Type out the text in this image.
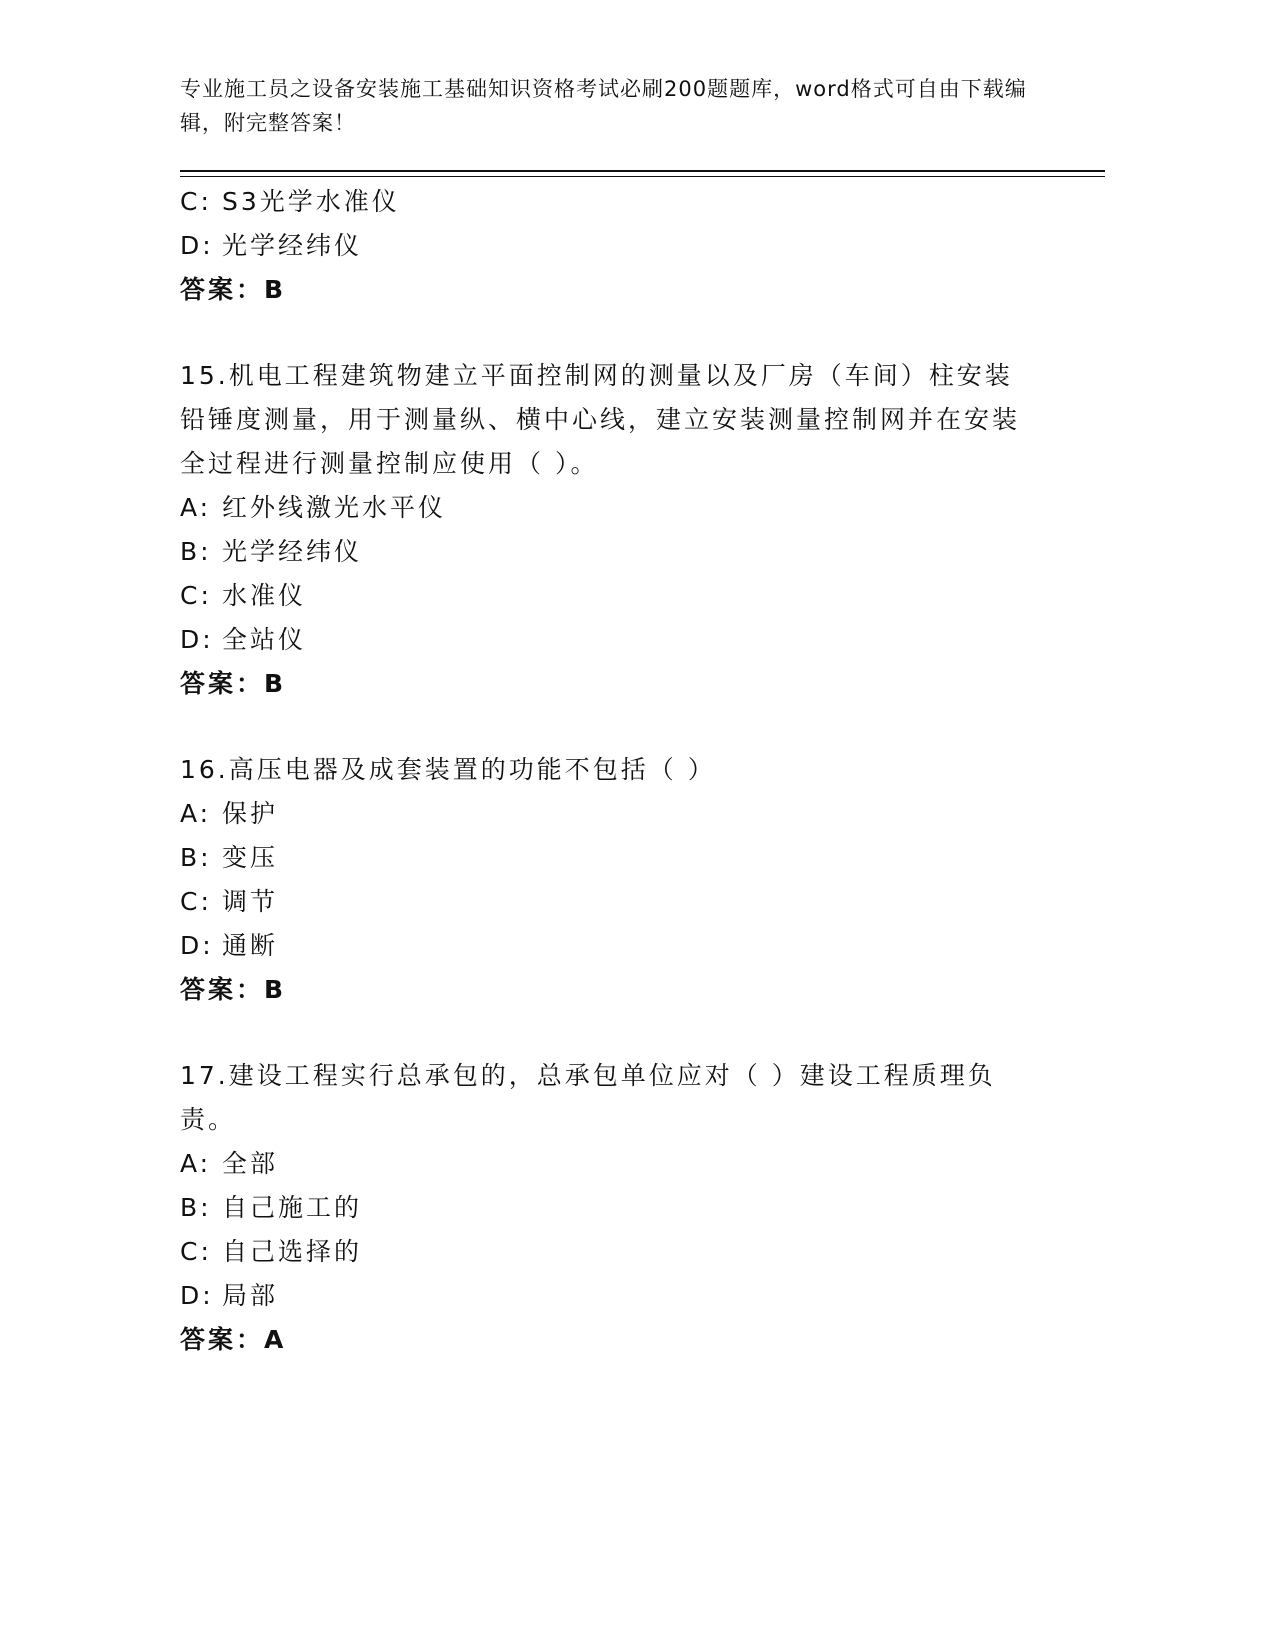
专业施工员之设备安装施工基础知识资格考试必刷200题题库，word格式可自由下载编辑，附完整答案！
C: S3光学水准仪
D: 光学经纬仪
答案：B
15.机电工程建筑物建立平面控制网的测量以及厂房（车间）柱安装铅锤度测量，用于测量纵、横中心线，建立安装测量控制网并在安装全过程进行测量控制应使用（ ）。
A: 红外线激光水平仪
B: 光学经纬仪
C: 水准仪
D: 全站仪
答案：B
16.高压电器及成套装置的功能不包括（ ）
A: 保护
B: 变压
C: 调节
D: 通断
答案：B
17.建设工程实行总承包的，总承包单位应对（ ）建设工程质理负责。
A: 全部
B: 自己施工的
C: 自己选择的
D: 局部
答案：A
